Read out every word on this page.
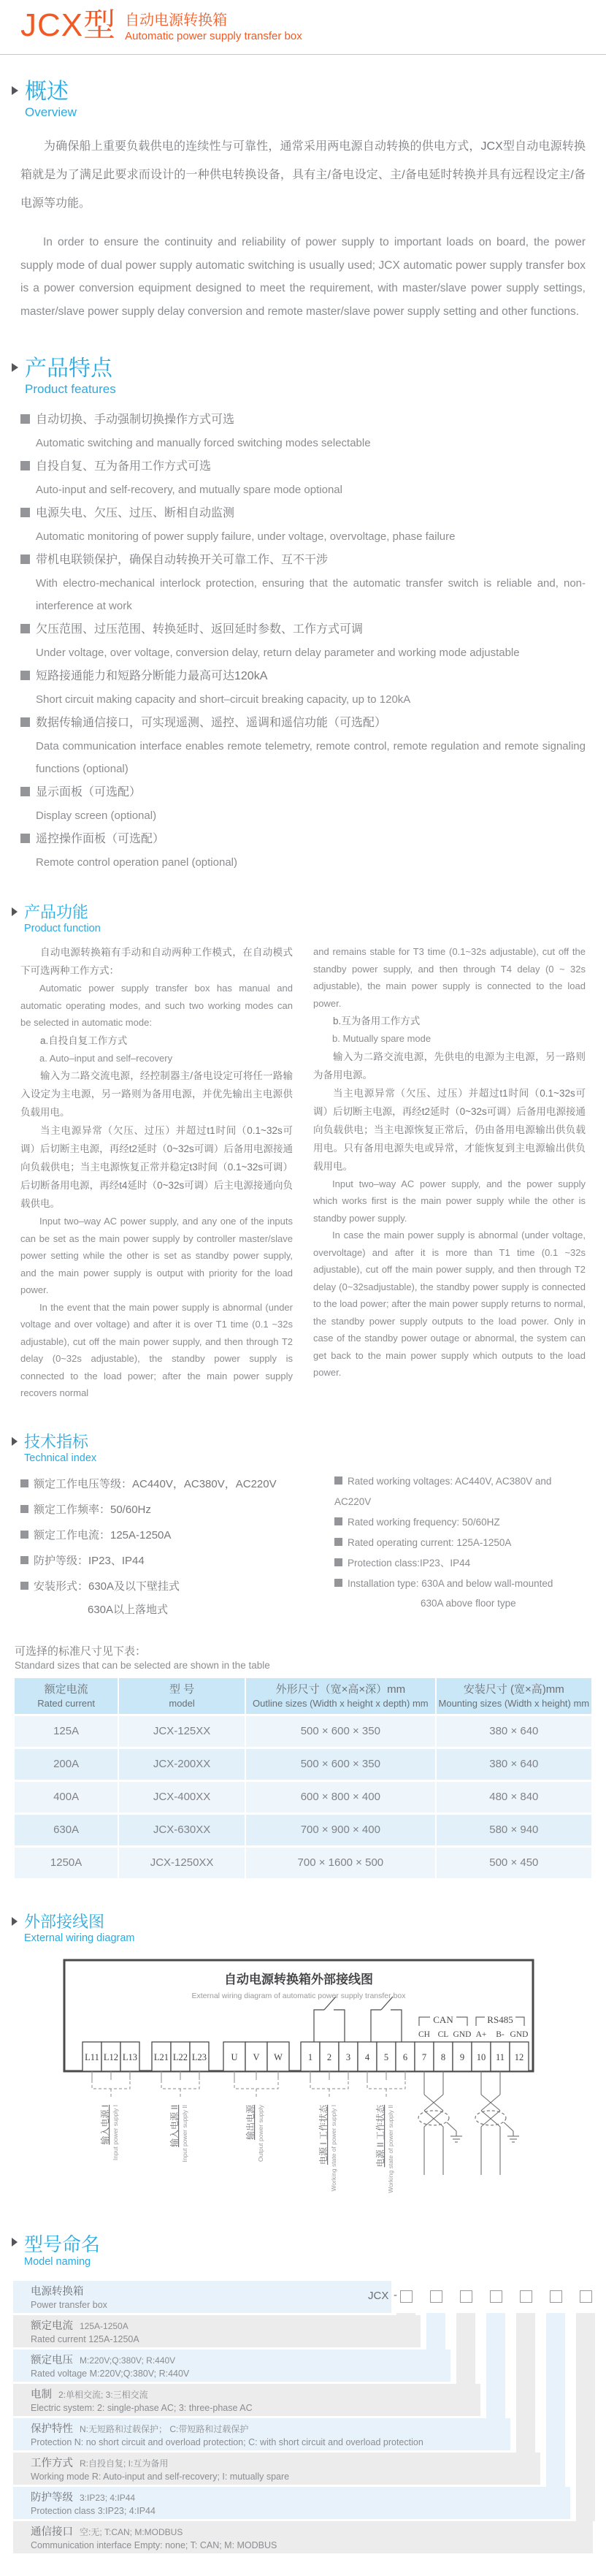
JCX型 自动电源转换箱
Automatic power supply transfer box
概述
Overview

为确保船上重要负载供电的连续性与可靠性，通常采用两电源自动转换的供电方式，JCX型自动电源转换箱就是为了满足此要求而设计的一种供电转换设备，具有主/备电设定、主/备电延时转换并具有远程设定主/备电源等功能。

In order to ensure the continuity and reliability of power supply to important loads on board, the power supply mode of dual power supply automatic switching is usually used; JCX automatic power supply transfer box is a power conversion equipment designed to meet the requirement, with master/slave power supply settings, master/slave power supply delay conversion and remote master/slave power supply setting and other functions.

产品特点
Product features
自动切换、手动强制切换操作方式可选
Automatic switching and manually forced switching modes selectable
自投自复、互为备用工作方式可选
Auto-input and self-recovery, and mutually spare mode optional
电源失电、欠压、过压、断相自动监测
Automatic monitoring of power supply failure, under voltage, overvoltage, phase failure
带机电联锁保护，确保自动转换开关可靠工作、互不干涉
With electro-mechanical interlock protection, ensuring that the automatic transfer switch is reliable and, non-interference at work
欠压范围、过压范围、转换延时、返回延时参数、工作方式可调
Under voltage, over voltage, conversion delay, return delay parameter and working mode adjustable
短路接通能力和短路分断能力最高可达120kA
Short circuit making capacity and short–circuit breaking capacity, up to 120kA
数据传输通信接口，可实现遥测、遥控、遥调和遥信功能（可选配）
Data communication interface enables remote telemetry, remote control, remote regulation and remote signaling functions (optional)
显示面板（可选配）
Display screen (optional)
遥控操作面板（可选配）
Remote control operation panel (optional)
产品功能
Product function

自动电源转换箱有手动和自动两种工作模式，在自动模式下可选两种工作方式：

Automatic power supply transfer box has manual and automatic operating modes, and such two working modes can be selected in automatic mode:

a.自投自复工作方式

a. Auto–input and self–recovery

输入为二路交流电源，经控制器主/备电设定可将任一路输入设定为主电源，另一路则为备用电源，并优先输出主电源供负载用电。

当主电源异常（欠压、过压）并超过t1时间（0.1~32s可调）后切断主电源，再经t2延时（0~32s可调）后备用电源接通向负载供电；当主电源恢复正常并稳定t3时间（0.1~32s可调）后切断备用电源，再经t4延时（0~32s可调）后主电源接通向负载供电。

Input two–way AC power supply, and any one of the inputs can be set as the main power supply by controller master/slave power setting while the other is set as standby power supply, and the main power supply is output with priority for the load power.

In the event that the main power supply is abnormal (under voltage and over voltage) and after it is over T1 time (0.1 ~32s adjustable), cut off the main power supply, and then through T2 delay (0~32s adjustable), the standby power supply is connected to the load power; after the main power supply recovers normal

and remains stable for T3 time (0.1~32s adjustable), cut off the standby power supply, and then through T4 delay (0 ~ 32s adjustable), the main power supply is connected to the load power.

b.互为备用工作方式

b. Mutually spare mode

输入为二路交流电源，先供电的电源为主电源，另一路则为备用电源。

当主电源异常（欠压、过压）并超过t1时间（0.1~32s可调）后切断主电源，再经t2延时（0~32s可调）后备用电源接通向负载供电；当主电源恢复正常后，仍由备用电源输出供负载用电。只有备用电源失电或异常，才能恢复到主电源输出供负载用电。

Input two–way AC power supply, and the power supply which works first is the main power supply while the other is standby power supply.

In case the main power supply is abnormal (under voltage, overvoltage) and after it is more than T1 time (0.1 ~32s adjustable), cut off the main power supply, and then through T2 delay (0~32sadjustable), the standby power supply is connected to the load power; after the main power supply returns to normal, the standby power supply outputs to the load power. Only in case of the standby power outage or abnormal, the system can get back to the main power supply which outputs to the load power.

技术指标
Technical index
额定工作电压等级：AC440V，AC380V，AC220V
额定工作频率：50/60Hz
额定工作电流：125A-1250A
防护等级：IP23、IP44
安装形式：630A及以下壁挂式
630A以上落地式
Rated working voltages: AC440V, AC380V and AC220V
Rated working frequency: 50/60HZ
Rated operating current: 125A-1250A
Protection class:IP23、IP44
Installation type: 630A and below wall-mounted
630A above floor type
可选择的标准尺寸见下表：
Standard sizes that can be selected are shown in the table
额定电流
Rated current	型 号
model	外形尺寸（宽×高×深）mm
Outline sizes (Width x height x depth) mm	安装尺寸 (宽×高)mm
Mounting sizes (Width x height) mm

125A	JCX-125XX	500 × 600 × 350	380 × 640
200A	JCX-200XX	500 × 600 × 350	380 × 640
400A	JCX-400XX	600 × 800 × 400	480 × 840
630A	JCX-630XX	700 × 900 × 400	580 × 940
1250A	JCX-1250XX	700 × 1600 × 500	500 × 450
外部接线图
External wiring diagram
自动电源转换箱外部接线图
External wiring diagram of automatic power supply transfer box
CAN	RS485
CH CL GND A+ B- GND
L11 L12 L13 L21 L22 L23	U V W	1 2 3 4 5 6 7 8 9 10 11 12
输入电源 I Input power supply I	输入电源 II Input power supply II	输出电源 Output power supply	电源 I 工作状态 Working state of power supply I	电源 II 工作状态 Working state of power supply II
型号命名
Model naming
JCX -
电源转换箱
Power transfer box
额定电流 125A-1250A
Rated current 125A-1250A
额定电压 M:220V;Q:380V; R:440V
Rated voltage M:220V;Q:380V; R:440V
电制 2:单相交流; 3:三相交流
Electric system: 2: single-phase AC; 3: three-phase AC
保护特性 N:无短路和过载保护； C:带短路和过载保护
Protection N: no short circuit and overload protection; C: with short circuit and overload protection
工作方式 R:自投自复; I:互为备用
Working mode R: Auto-input and self-recovery; I: mutually spare
防护等级 3:IP23; 4:IP44
Protection class 3:IP23; 4:IP44
通信接口 空:无; T:CAN; M:MODBUS
Communication interface Empty: none; T: CAN; M: MODBUS
